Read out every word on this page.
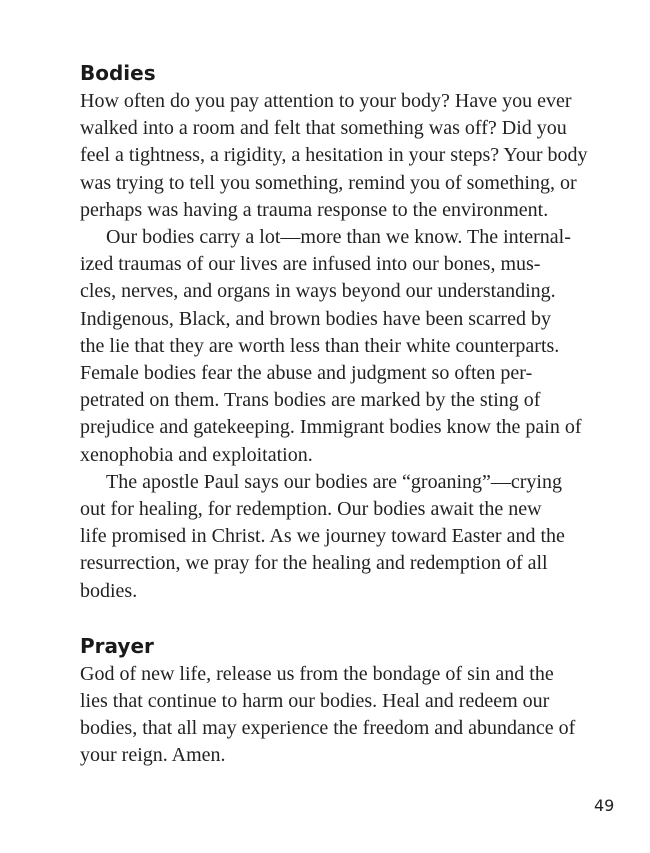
Bodies

How often do you pay attention to your body? Have you ever
walked into a room and felt that something was off? Did you
feel a tightness, a rigidity, a hesitation in your steps? Your body
was trying to tell you something, remind you of something, or
perhaps was having a trauma response to the environment.

Our bodies carry a lot—more than we know. The internal-
ized traumas of our lives are infused into our bones, mus-
cles, nerves, and organs in ways beyond our understanding.
Indigenous, Black, and brown bodies have been scarred by
the lie that they are worth less than their white counterparts.
Female bodies fear the abuse and judgment so often per-
petrated on them. Trans bodies are marked by the sting of
prejudice and gatekeeping. Immigrant bodies know the pain of
xenophobia and exploitation.

The apostle Paul says our bodies are “groaning”—crying
out for healing, for redemption. Our bodies await the new
life promised in Christ. As we journey toward Easter and the
resurrection, we pray for the healing and redemption of all
bodies.

Prayer

God of new life, release us from the bondage of sin and the
lies that continue to harm our bodies. Heal and redeem our
bodies, that all may experience the freedom and abundance of
your reign. Amen.

49
